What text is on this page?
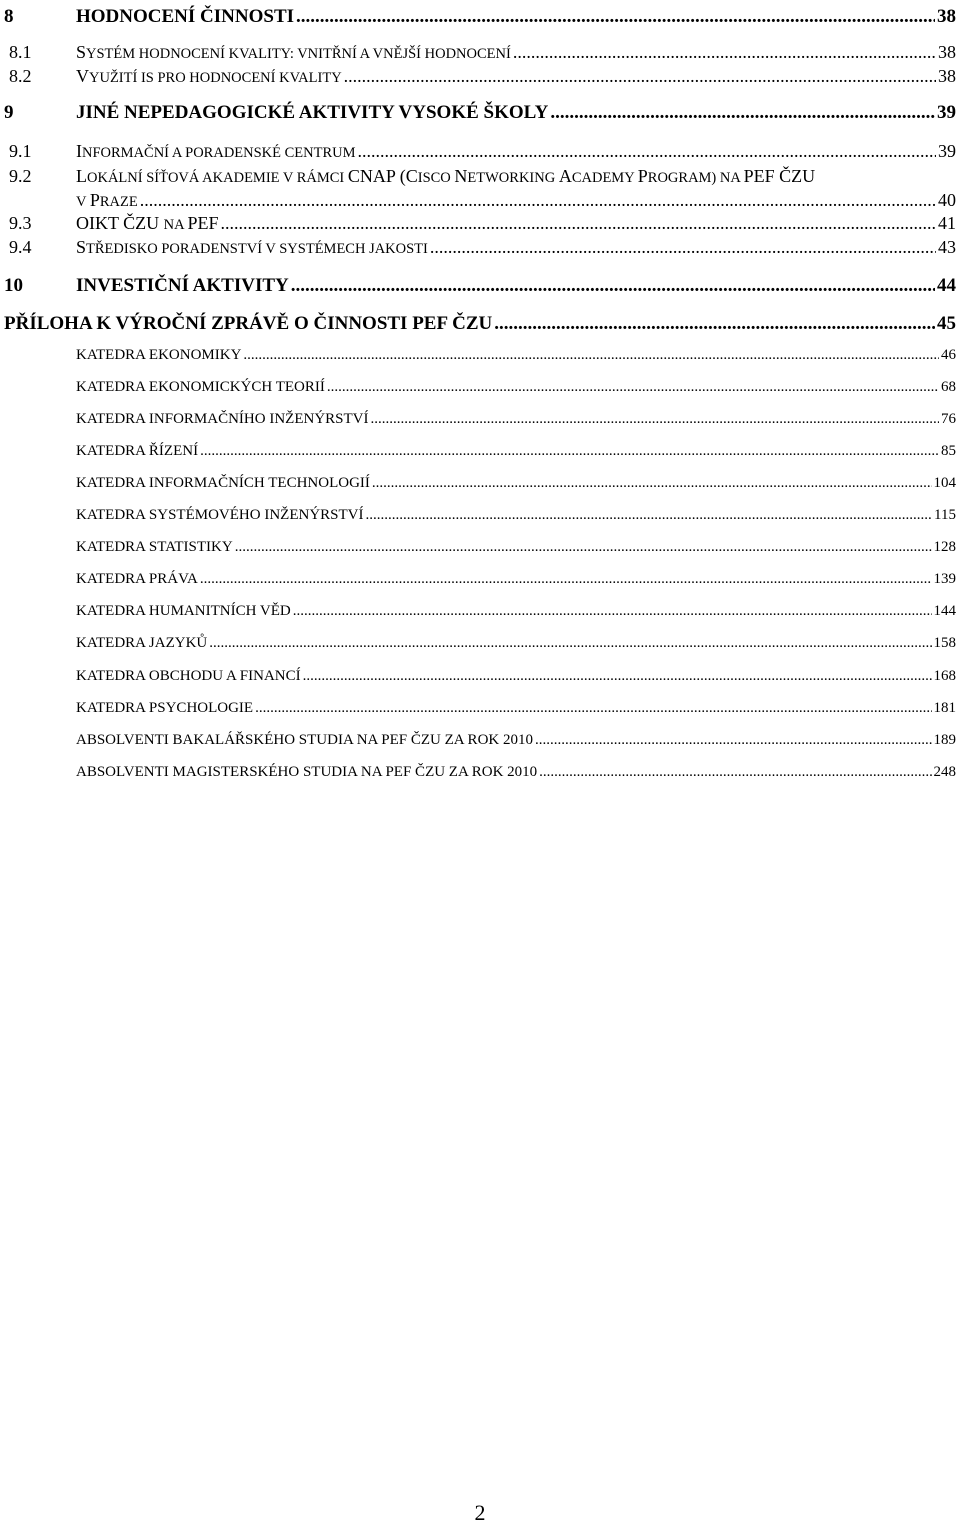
8	HODNOCENÍ ČINNOSTI .....	38
8.1 SYSTÉM HODNOCENÍ KVALITY: VNITŘNÍ A VNĚJŠÍ HODNOCENÍ .....	38
8.2 VYUŽITÍ IS PRO HODNOCENÍ KVALITY .....	38
9	JINÉ NEPEDAGOGICKÉ AKTIVITY VYSOKÉ ŠKOLY .....	39
9.1 INFORMAČNÍ A PORADENSKÉ CENTRUM .....	39
9.2 LOKÁLNÍ SÍŤOVÁ AKADEMIE V RÁMCI CNAP (CISCO NETWORKING ACADEMY PROGRAM) NA PEF ČZU
V PRAZE .....	40
9.3 OIKT ČZU NA PEF .....	41
9.4 STŘEDISKO PORADENSTVÍ V SYSTÉMECH JAKOSTI .....	43
10	INVESTIČNÍ AKTIVITY .....	44
PŘÍLOHA K VÝROČNÍ ZPRÁVĚ O ČINNOSTI PEF ČZU .....	45
KATEDRA EKONOMIKY .....	46
KATEDRA EKONOMICKÝCH TEORIÍ .....	68
KATEDRA INFORMAČNÍHO INŽENÝRSTVÍ .....	76
KATEDRA ŘÍZENÍ .....	85
KATEDRA INFORMAČNÍCH TECHNOLOGIÍ .....	104
KATEDRA SYSTÉMOVÉHO INŽENÝRSTVÍ .....	115
KATEDRA STATISTIKY .....	128
KATEDRA PRÁVA .....	139
KATEDRA HUMANITNÍCH VĚD .....	144
KATEDRA JAZYKŮ .....	158
KATEDRA OBCHODU A FINANCÍ .....	168
KATEDRA PSYCHOLOGIE .....	181
ABSOLVENTI BAKALÁŘSKÉHO STUDIA NA PEF ČZU ZA ROK 2010 .....	189
ABSOLVENTI MAGISTERSKÉHO STUDIA NA PEF ČZU ZA ROK 2010 .....	248
2
